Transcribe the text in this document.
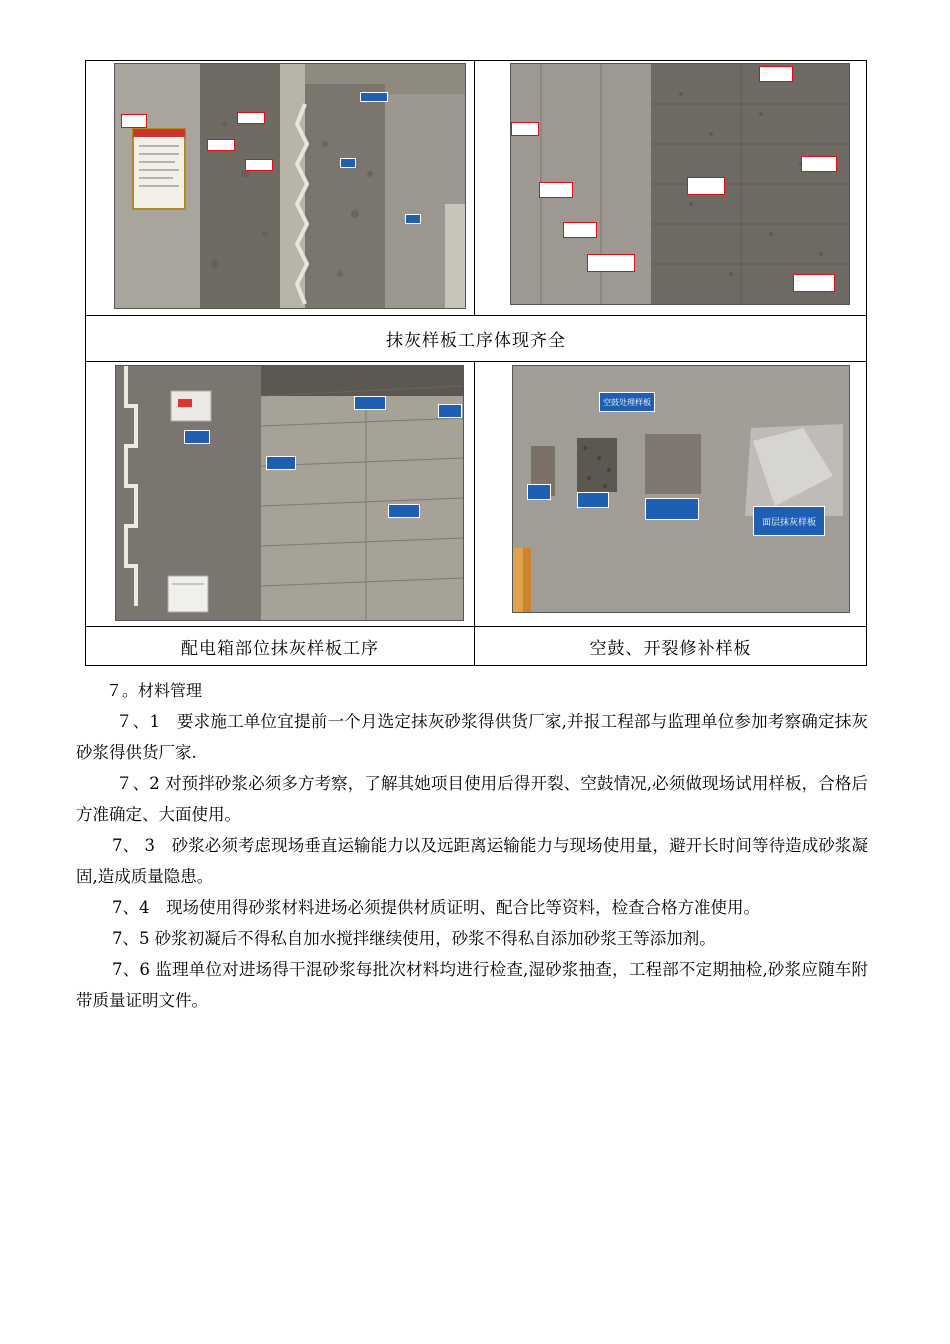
抹灰样板工序体现齐全
空鼓处理样板
面层抹灰样板
配电箱部位抹灰样板工序	空鼓、开裂修补样板
７。材料管理
７、1　要求施工单位宜提前一个月选定抹灰砂浆得供货厂家,并报工程部与监理单位参加考察确定抹灰砂浆得供货厂家.
７、2 对预拌砂浆必须多方考察，了解其她项目使用后得开裂、空鼓情况,必须做现场试用样板，合格后方准确定、大面使用。
7、 3　砂浆必须考虑现场垂直运输能力以及远距离运输能力与现场使用量，避开长时间等待造成砂浆凝固,造成质量隐患。
7、4　现场使用得砂浆材料进场必须提供材质证明、配合比等资料，检查合格方准使用。
7、5 砂浆初凝后不得私自加水搅拌继续使用，砂浆不得私自添加砂浆王等添加剂。
7、6 监理单位对进场得干混砂浆每批次材料均进行检查,湿砂浆抽查，工程部不定期抽检,砂浆应随车附带质量证明文件。
